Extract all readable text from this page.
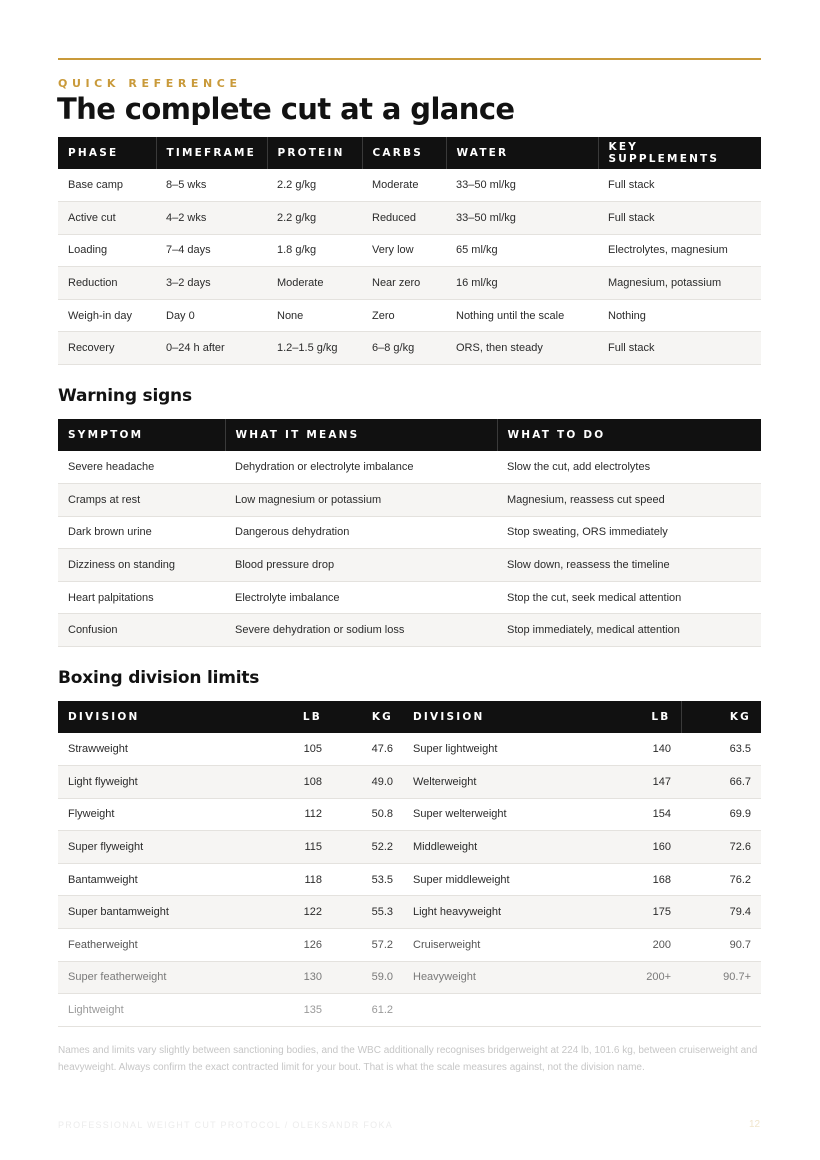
QUICK REFERENCE
The complete cut at a glance
PHASE	TIMEFRAME	PROTEIN	CARBS	WATER	KEY SUPPLEMENTS
Base camp	8–5 wks	2.2 g/kg	Moderate	33–50 ml/kg	Full stack
Active cut	4–2 wks	2.2 g/kg	Reduced	33–50 ml/kg	Full stack
Loading	7–4 days	1.8 g/kg	Very low	65 ml/kg	Electrolytes, magnesium
Reduction	3–2 days	Moderate	Near zero	16 ml/kg	Magnesium, potassium
Weigh-in day	Day 0	None	Zero	Nothing until the scale	Nothing
Recovery	0–24 h after	1.2–1.5 g/kg	6–8 g/kg	ORS, then steady	Full stack
Warning signs
SYMPTOM	WHAT IT MEANS	WHAT TO DO
Severe headache	Dehydration or electrolyte imbalance	Slow the cut, add electrolytes
Cramps at rest	Low magnesium or potassium	Magnesium, reassess cut speed
Dark brown urine	Dangerous dehydration	Stop sweating, ORS immediately
Dizziness on standing	Blood pressure drop	Slow down, reassess the timeline
Heart palpitations	Electrolyte imbalance	Stop the cut, seek medical attention
Confusion	Severe dehydration or sodium loss	Stop immediately, medical attention
Boxing division limits
DIVISION	LB	KG	DIVISION	LB	KG
Strawweight	105	47.6	Super lightweight	140	63.5
Light flyweight	108	49.0	Welterweight	147	66.7
Flyweight	112	50.8	Super welterweight	154	69.9
Super flyweight	115	52.2	Middleweight	160	72.6
Bantamweight	118	53.5	Super middleweight	168	76.2
Super bantamweight	122	55.3	Light heavyweight	175	79.4
Featherweight	126	57.2	Cruiserweight	200	90.7
Super featherweight	130	59.0	Heavyweight	200+	90.7+
Lightweight	135	61.2			
Names and limits vary slightly between sanctioning bodies, and the WBC additionally recognises bridgerweight at 224 lb, 101.6 kg, between cruiserweight and heavyweight. Always confirm the exact contracted limit for your bout. That is what the scale measures against, not the division name.
PROFESSIONAL WEIGHT CUT PROTOCOL / OLEKSANDR FOKA	12
